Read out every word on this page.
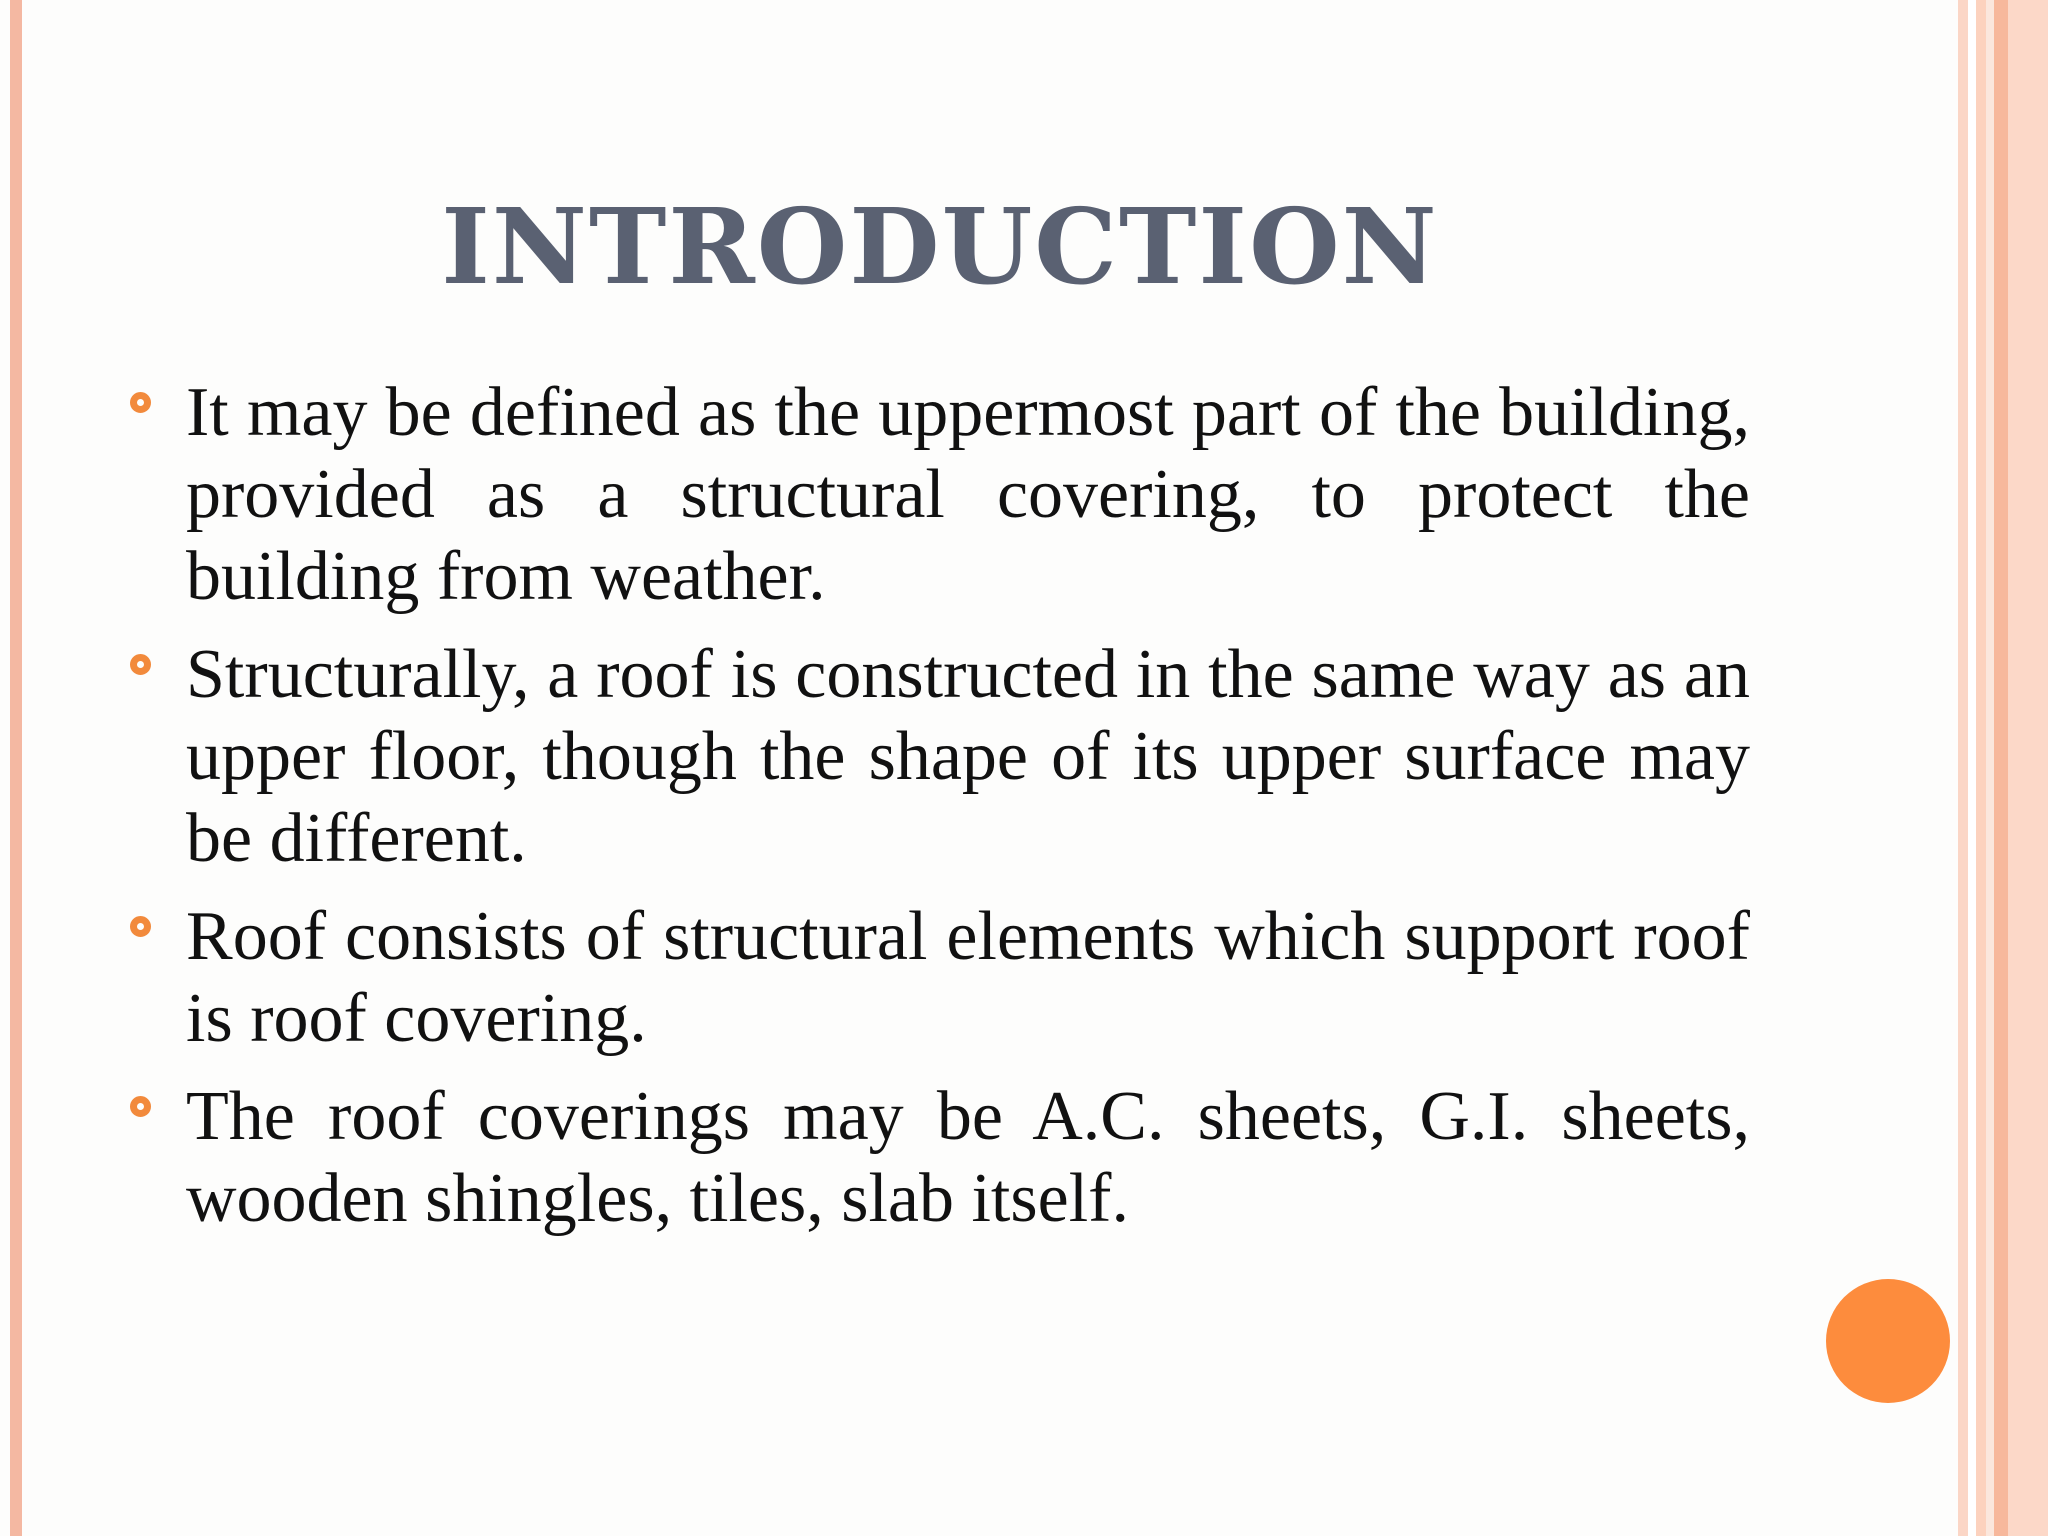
INTRODUCTION
It may be defined as the uppermost part of the building, provided as a structural covering, to protect the building from weather.
Structurally, a roof is constructed in the same way as an upper floor, though the shape of its upper surface may be different.
Roof consists of structural elements which support roof is roof covering.
The roof coverings may be A.C. sheets, G.I. sheets, wooden shingles, tiles, slab itself.
